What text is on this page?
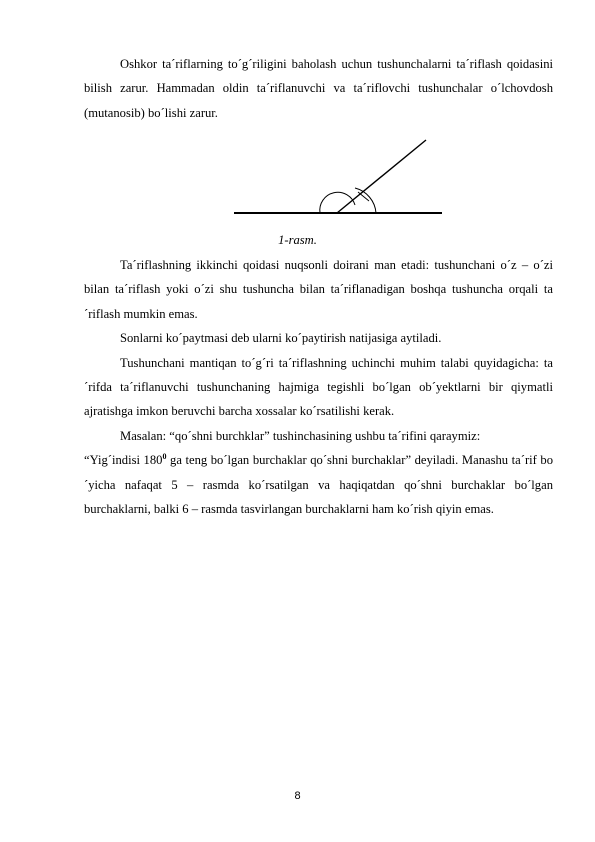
Oshkor ta´riflarning to´g´riligini baholash uchun tushunchalarni ta´riflash qoidasini bilish zarur. Hammadan oldin ta´riflanuvchi va ta´riflovchi tushunchalar o´lchovdosh (mutanosib) bo´lishi zarur.

1-rasm.

Ta´riflashning ikkinchi qoidasi nuqsonli doirani man etadi: tushunchani o´z – o´zi bilan ta´riflash yoki o´zi shu tushuncha bilan ta´riflanadigan boshqa tushuncha orqali ta´riflash mumkin emas.

Sonlarni ko´paytmasi deb ularni ko´paytirish natijasiga aytiladi.

Tushunchani mantiqan to´g´ri ta´riflashning uchinchi muhim talabi quyidagicha: ta´rifda ta´riflanuvchi tushunchaning hajmiga tegishli bo´lgan ob´yektlarni bir qiymatli ajratishga imkon beruvchi barcha xossalar ko´rsatilishi kerak.

Masalan: “qo´shni burchklar” tushinchasining ushbu ta´rifini qaraymiz:

“Yig´indisi $180^0$ ga teng bo´lgan burchaklar qo´shni burchaklar” deyiladi. Manashu ta´rif bo´yicha nafaqat 5 – rasmda ko´rsatilgan va haqiqatdan qo´shni burchaklar bo´lgan burchaklarni, balki 6 – rasmda tasvirlangan burchaklarni ham ko´rish qiyin emas.

8
